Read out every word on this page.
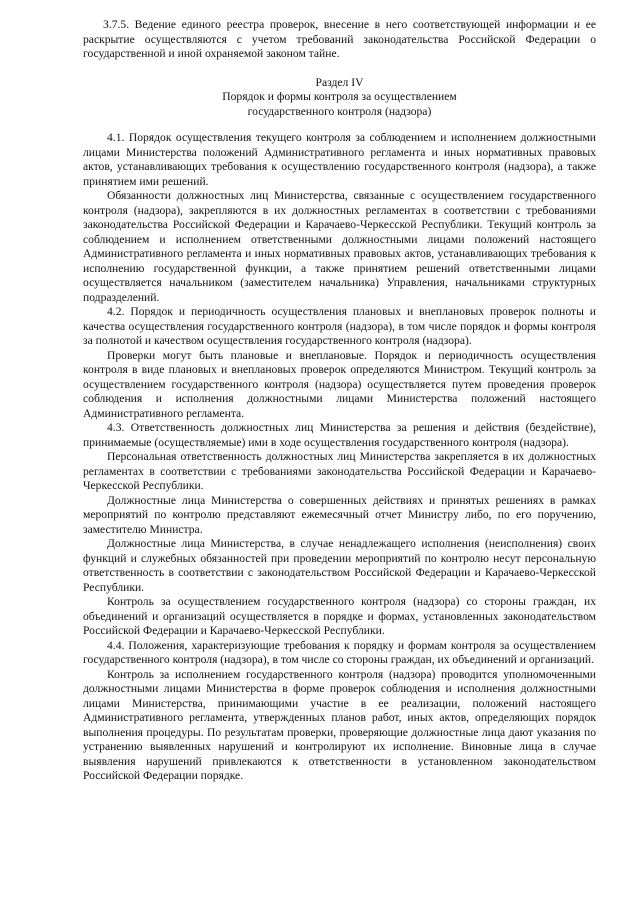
3.7.5. Ведение единого реестра проверок, внесение в него соответствующей информации и ее раскрытие осуществляются с учетом требований законодательства Российской Федерации о государственной и иной охраняемой законом тайне.

Раздел IV

Порядок и формы контроля за осуществлением

государственного контроля (надзора)

4.1. Порядок осуществления текущего контроля за соблюдением и исполнением должностными лицами Министерства положений Административного регламента и иных нормативных правовых актов, устанавливающих требования к осуществлению государственного контроля (надзора), а также принятием ими решений.

Обязанности должностных лиц Министерства, связанные с осуществлением государственного контроля (надзора), закрепляются в их должностных регламентах в соответствии с требованиями законодательства Российской Федерации и Карачаево-Черкесской Республики. Текущий контроль за соблюдением и исполнением ответственными должностными лицами положений настоящего Административного регламента и иных нормативных правовых актов, устанавливающих требования к исполнению государственной функции, а также принятием решений ответственными лицами осуществляется начальником (заместителем начальника) Управления, начальниками структурных подразделений.

4.2. Порядок и периодичность осуществления плановых и внеплановых проверок полноты и качества осуществления государственного контроля (надзора), в том числе порядок и формы контроля за полнотой и качеством осуществления государственного контроля (надзора).

Проверки могут быть плановые и внеплановые. Порядок и периодичность осуществления контроля в виде плановых и внеплановых проверок определяются Министром. Текущий контроль за осуществлением государственного контроля (надзора) осуществляется путем проведения проверок соблюдения и исполнения должностными лицами Министерства положений настоящего Административного регламента.

4.3. Ответственность должностных лиц Министерства за решения и действия (бездействие), принимаемые (осуществляемые) ими в ходе осуществления государственного контроля (надзора).

Персональная ответственность должностных лиц Министерства закрепляется в их должностных регламентах в соответствии с требованиями законодательства Российской Федерации и Карачаево-Черкесской Республики.

Должностные лица Министерства о совершенных действиях и принятых решениях в рамках мероприятий по контролю представляют ежемесячный отчет Министру либо, по его поручению, заместителю Министра.

Должностные лица Министерства, в случае ненадлежащего исполнения (неисполнения) своих функций и служебных обязанностей при проведении мероприятий по контролю несут персональную ответственность в соответствии с законодательством Российской Федерации и Карачаево-Черкесской Республики.

Контроль за осуществлением государственного контроля (надзора) со стороны граждан, их объединений и организаций осуществляется в порядке и формах, установленных законодательством Российской Федерации и Карачаево-Черкесской Республики.

4.4. Положения, характеризующие требования к порядку и формам контроля за осуществлением государственного контроля (надзора), в том числе со стороны граждан, их объединений и организаций.

Контроль за исполнением государственного контроля (надзора) проводится уполномоченными должностными лицами Министерства в форме проверок соблюдения и исполнения должностными лицами Министерства, принимающими участие в ее реализации, положений настоящего Административного регламента, утвержденных планов работ, иных актов, определяющих порядок выполнения процедуры. По результатам проверки, проверяющие должностные лица дают указания по устранению выявленных нарушений и контролируют их исполнение. Виновные лица в случае выявления нарушений привлекаются к ответственности в установленном законодательством Российской Федерации порядке.
